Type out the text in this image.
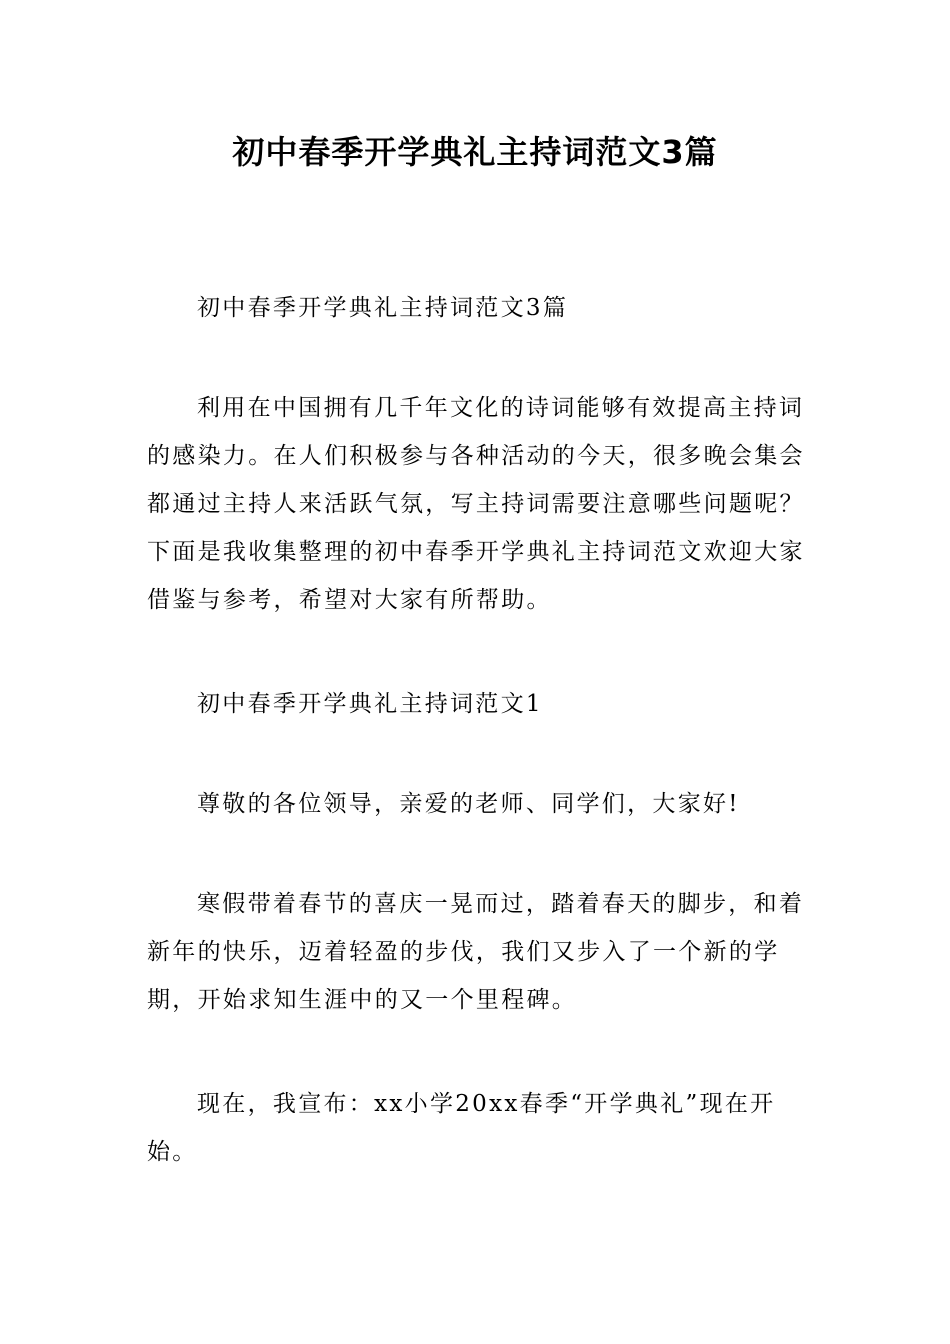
初中春季开学典礼主持词范文3篇

初中春季开学典礼主持词范文3篇

利用在中国拥有几千年文化的诗词能够有效提高主持词的感染力。在人们积极参与各种活动的今天，很多晚会集会都通过主持人来活跃气氛，写主持词需要注意哪些问题呢？下面是我收集整理的初中春季开学典礼主持词范文欢迎大家借鉴与参考，希望对大家有所帮助。

初中春季开学典礼主持词范文1

尊敬的各位领导，亲爱的老师、同学们，大家好!

寒假带着春节的喜庆一晃而过，踏着春天的脚步，和着新年的快乐，迈着轻盈的步伐，我们又步入了一个新的学期，开始求知生涯中的又一个里程碑。

现在，我宣布：xx小学20xx春季“开学典礼”现在开始。
